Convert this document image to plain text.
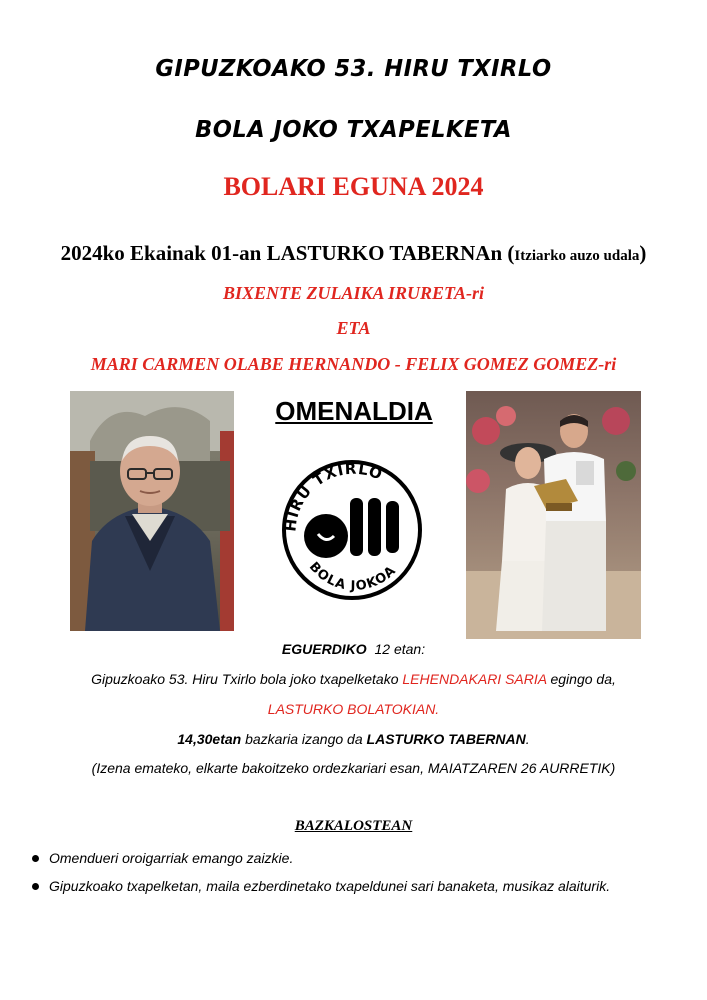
GIPUZKOAKO 53. HIRU TXIRLO
BOLA JOKO TXAPELKETA
BOLARI EGUNA 2024
2024ko Ekainak 01-an LASTURKO TABERNAn (Itziarko auzo udala)
BIXENTE ZULAIKA IRURETA-ri
ETA
MARI CARMEN OLABE HERNANDO - FELIX GOMEZ GOMEZ-ri
OMENALDIA
HIRU TXIRLO
BOLA JOKOA
EGUERDIKO 12 etan:
Gipuzkoako 53. Hiru Txirlo bola joko txapelketako LEHENDAKARI SARIA egingo da,
LASTURKO BOLATOKIAN.
14,30etan bazkaria izango da LASTURKO TABERNAN.
(Izena emateko, elkarte bakoitzeko ordezkariari esan, MAIATZAREN 26 AURRETIK)
BAZKALOSTEAN
Omendueri oroigarriak emango zaizkie.
Gipuzkoako txapelketan, maila ezberdinetako txapeldunei sari banaketa, musikaz alaiturik.
